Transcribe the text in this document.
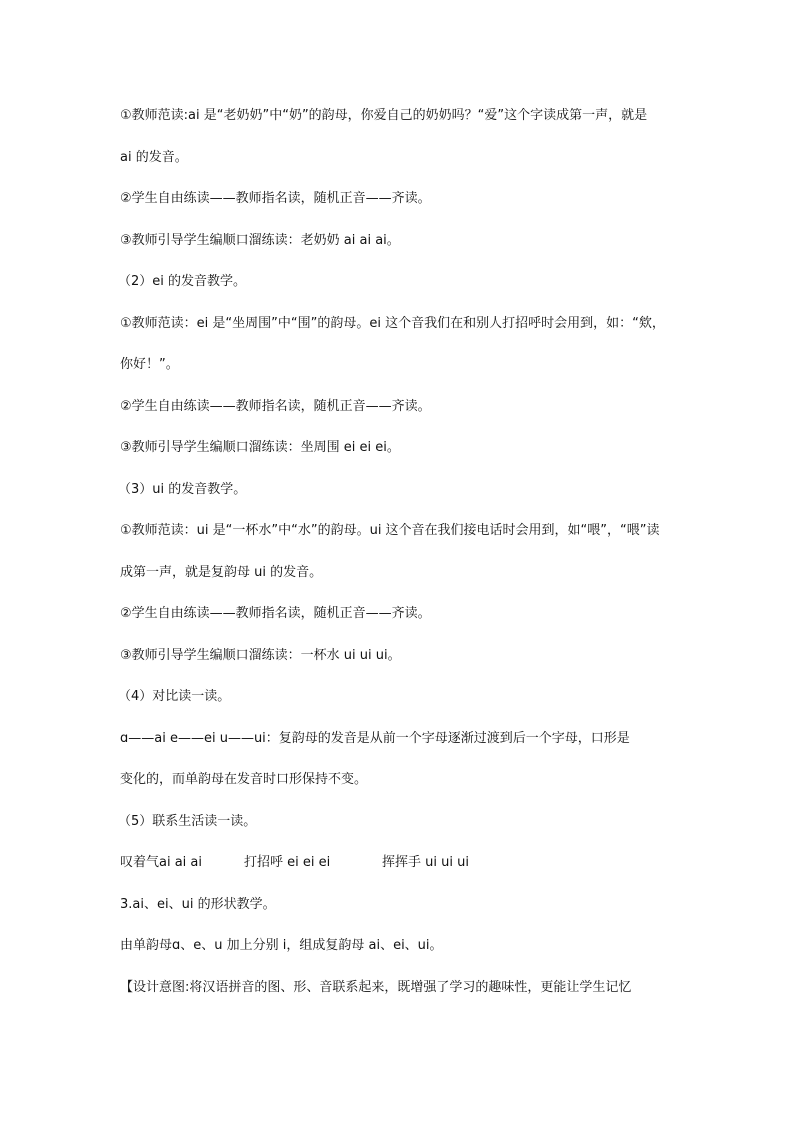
①教师范读:ai 是“老奶奶”中“奶”的韵母，你爱自己的奶奶吗？“爱”这个字读成第一声，就是
ai 的发音。
②学生自由练读——教师指名读，随机正音——齐读。
③教师引导学生编顺口溜练读：老奶奶 ai ai ai。
（2）ei 的发音教学。
①教师范读：ei 是“坐周围”中“围”的韵母。ei 这个音我们在和别人打招呼时会用到，如：“欸，
你好！”。
②学生自由练读——教师指名读，随机正音——齐读。
③教师引导学生编顺口溜练读：坐周围 ei ei ei。
（3）ui 的发音教学。
①教师范读：ui 是“一杯水”中“水”的韵母。ui 这个音在我们接电话时会用到，如“喂”，“喂”读
成第一声，就是复韵母 ui 的发音。
②学生自由练读——教师指名读，随机正音——齐读。
③教师引导学生编顺口溜练读：一杯水 ui ui ui。
（4）对比读一读。
ɑ——ai e——ei u——ui：复韵母的发音是从前一个字母逐渐过渡到后一个字母，口形是
变化的，而单韵母在发音时口形保持不变。
（5）联系生活读一读。
叹着气ai ai ai	打招呼 ei ei ei	挥挥手 ui ui ui
3.ai、ei、ui 的形状教学。
由单韵母ɑ、e、u 加上分别 i，组成复韵母 ai、ei、ui。
【设计意图:将汉语拼音的图、形、音联系起来，既增强了学习的趣味性，更能让学生记忆
